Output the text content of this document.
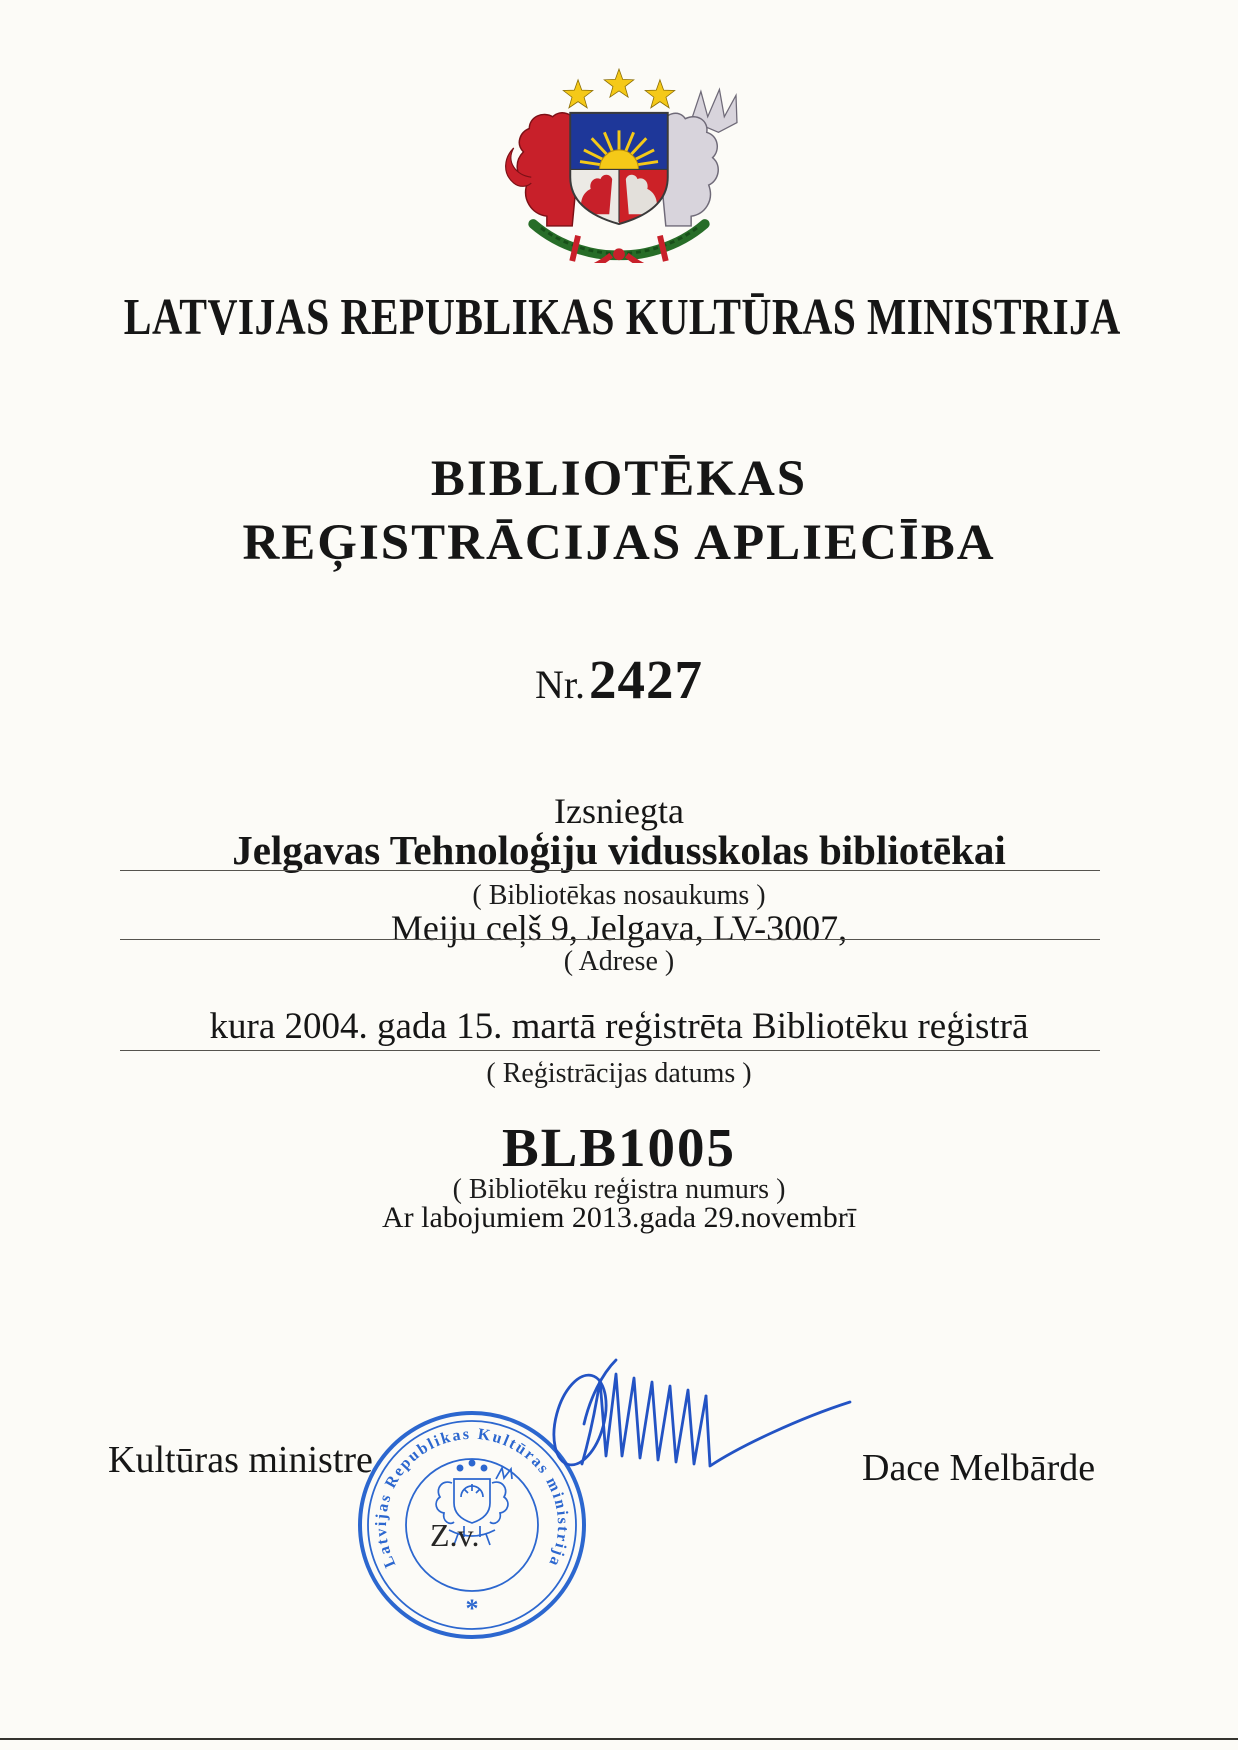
LATVIJAS REPUBLIKAS KULTŪRAS MINISTRIJA
BIBLIOTĒKAS
REĢISTRĀCIJAS APLIECĪBA
Nr. 2427
Izsniegta
Jelgavas Tehnoloģiju vidusskolas bibliotēkai
( Bibliotēkas nosaukums )
Meiju ceļš 9, Jelgava, LV-3007,
( Adrese )
kura 2004. gada 15. martā reģistrēta Bibliotēku reģistrā
( Reģistrācijas datums )
BLB1005
( Bibliotēku reģistra numurs )
Ar labojumiem 2013.gada 29.novembrī
Kultūras ministre	Dace Melbārde
Latvijas Republikas Kultūras ministrija
*
Z.v.
